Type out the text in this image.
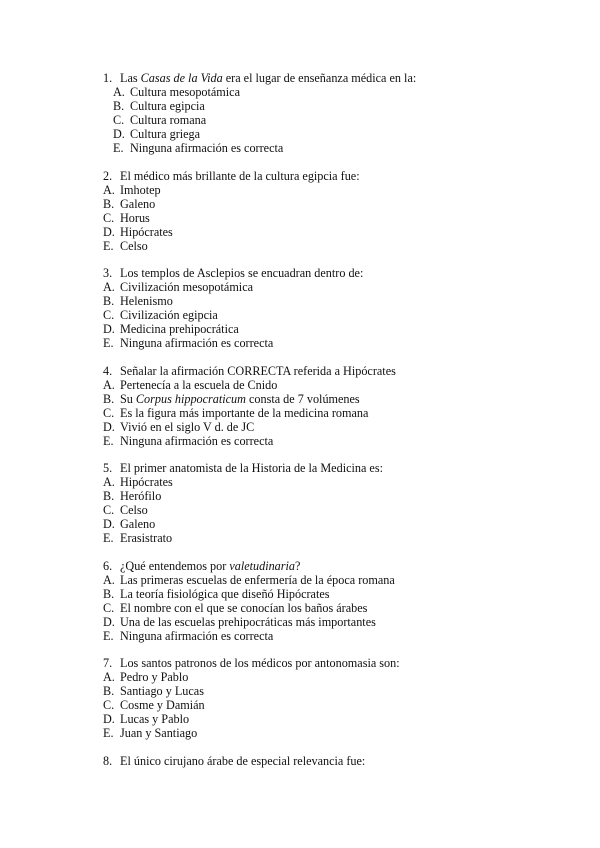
1. Las Casas de la Vida era el lugar de enseñanza médica en la:
A. Cultura mesopotámica
B. Cultura egipcia
C. Cultura romana
D. Cultura griega
E. Ninguna afirmación es correcta
2. El médico más brillante de la cultura egipcia fue:
A. Imhotep
B. Galeno
C. Horus
D. Hipócrates
E. Celso
3. Los templos de Asclepios se encuadran dentro de:
A. Civilización mesopotámica
B. Helenismo
C. Civilización egipcia
D. Medicina prehipocrática
E. Ninguna afirmación es correcta
4. Señalar la afirmación CORRECTA referida a Hipócrates
A. Pertenecía a la escuela de Cnido
B. Su Corpus hippocraticum consta de 7 volúmenes
C. Es la figura más importante de la medicina romana
D. Vivió en el siglo V d. de JC
E. Ninguna afirmación es correcta
5. El primer anatomista de la Historia de la Medicina es:
A. Hipócrates
B. Herófilo
C. Celso
D. Galeno
E. Erasistrato
6. ¿Qué entendemos por valetudinaria?
A. Las primeras escuelas de enfermería de la época romana
B. La teoría fisiológica que diseñó Hipócrates
C. El nombre con el que se conocían los baños árabes
D. Una de las escuelas prehipocráticas más importantes
E. Ninguna afirmación es correcta
7. Los santos patronos de los médicos por antonomasia son:
A. Pedro y Pablo
B. Santiago y Lucas
C. Cosme y Damián
D. Lucas y Pablo
E. Juan y Santiago
8. El único cirujano árabe de especial relevancia fue:
